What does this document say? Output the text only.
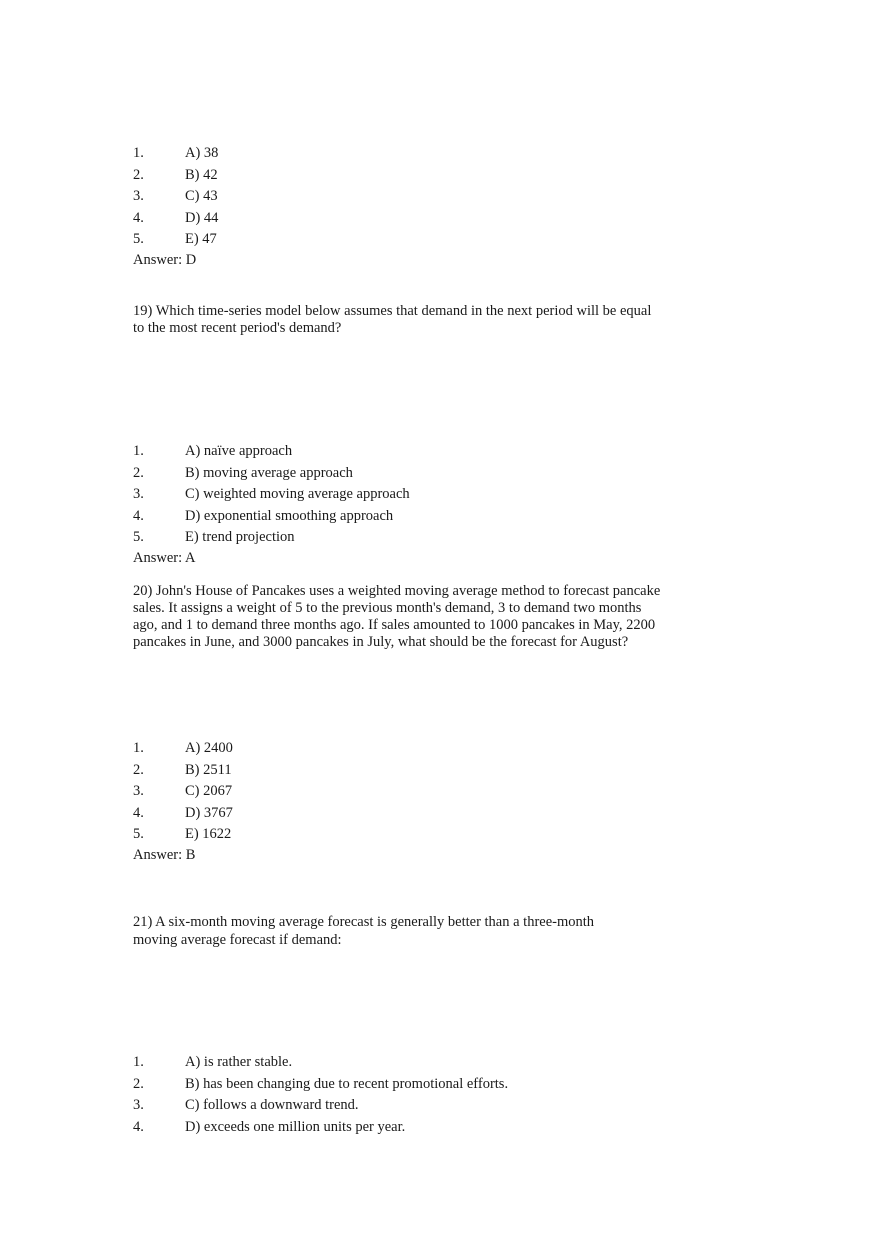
1.	A) 38
2.	B) 42
3.	C) 43
4.	D) 44
5.	E) 47
Answer: D
19) Which time-series model below assumes that demand in the next period will be equal
to the most recent period's demand?
1.	A) naïve approach
2.	B) moving average approach
3.	C) weighted moving average approach
4.	D) exponential smoothing approach
5.	E) trend projection
Answer: A
20) John's House of Pancakes uses a weighted moving average method to forecast pancake
sales. It assigns a weight of 5 to the previous month's demand, 3 to demand two months
ago, and 1 to demand three months ago. If sales amounted to 1000 pancakes in May, 2200
pancakes in June, and 3000 pancakes in July, what should be the forecast for August?
1.	A) 2400
2.	B) 2511
3.	C) 2067
4.	D) 3767
5.	E) 1622
Answer: B
21) A six-month moving average forecast is generally better than a three-month
moving average forecast if demand:
1.	A) is rather stable.
2.	B) has been changing due to recent promotional efforts.
3.	C) follows a downward trend.
4.	D) exceeds one million units per year.
